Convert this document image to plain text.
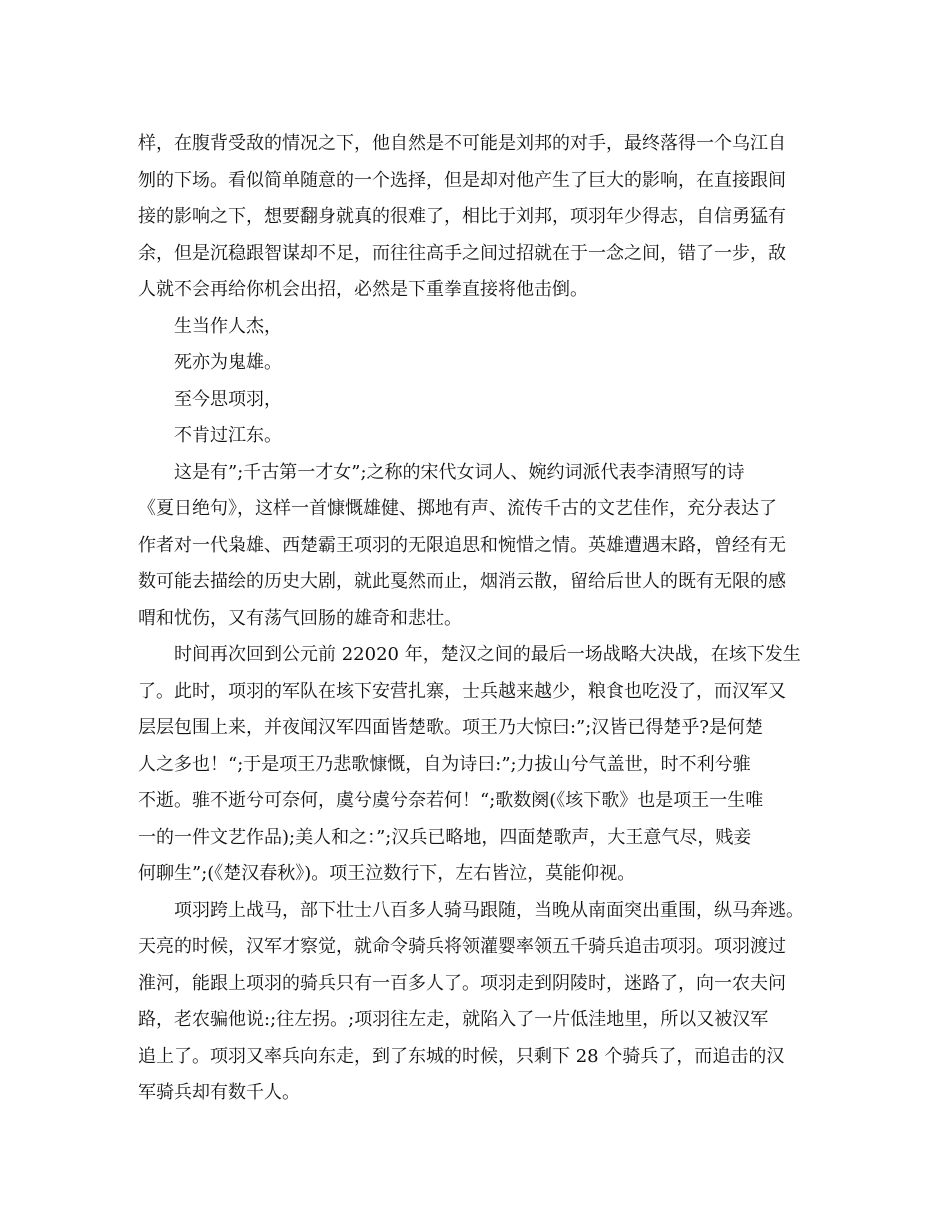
样，在腹背受敌的情况之下，他自然是不可能是刘邦的对手，最终落得一个乌江自
刎的下场。看似简单随意的一个选择，但是却对他产生了巨大的影响，在直接跟间
接的影响之下，想要翻身就真的很难了，相比于刘邦，项羽年少得志，自信勇猛有
余，但是沉稳跟智谋却不足，而往往高手之间过招就在于一念之间，错了一步，敌
人就不会再给你机会出招，必然是下重拳直接将他击倒。
生当作人杰，
死亦为鬼雄。
至今思项羽，
不肯过江东。
这是有”;千古第一才女”;之称的宋代女词人、婉约词派代表李清照写的诗
《夏日绝句》，这样一首慷慨雄健、掷地有声、流传千古的文艺佳作，充分表达了
作者对一代枭雄、西楚霸王项羽的无限追思和惋惜之情。英雄遭遇末路，曾经有无
数可能去描绘的历史大剧，就此戛然而止，烟消云散，留给后世人的既有无限的感
喟和忧伤，又有荡气回肠的雄奇和悲壮。
时间再次回到公元前 22020 年，楚汉之间的最后一场战略大决战，在垓下发生
了。此时，项羽的军队在垓下安营扎寨，士兵越来越少，粮食也吃没了，而汉军又
层层包围上来，并夜闻汉军四面皆楚歌。项王乃大惊曰:”;汉皆已得楚乎?是何楚
人之多也！“;于是项王乃悲歌慷慨，自为诗曰:”;力拔山兮气盖世，时不利兮骓
不逝。骓不逝兮可奈何，虞兮虞兮奈若何！“;歌数阕(《垓下歌》也是项王一生唯
一的一件文艺作品);美人和之：”;汉兵已略地，四面楚歌声，大王意气尽，贱妾
何聊生”;(《楚汉春秋》)。项王泣数行下，左右皆泣，莫能仰视。
项羽跨上战马，部下壮士八百多人骑马跟随，当晚从南面突出重围，纵马奔逃。
天亮的时候，汉军才察觉，就命令骑兵将领灌婴率领五千骑兵追击项羽。项羽渡过
淮河，能跟上项羽的骑兵只有一百多人了。项羽走到阴陵时，迷路了，向一农夫问
路，老农骗他说:;往左拐。;项羽往左走，就陷入了一片低洼地里，所以又被汉军
追上了。项羽又率兵向东走，到了东城的时候，只剩下 28 个骑兵了，而追击的汉
军骑兵却有数千人。
